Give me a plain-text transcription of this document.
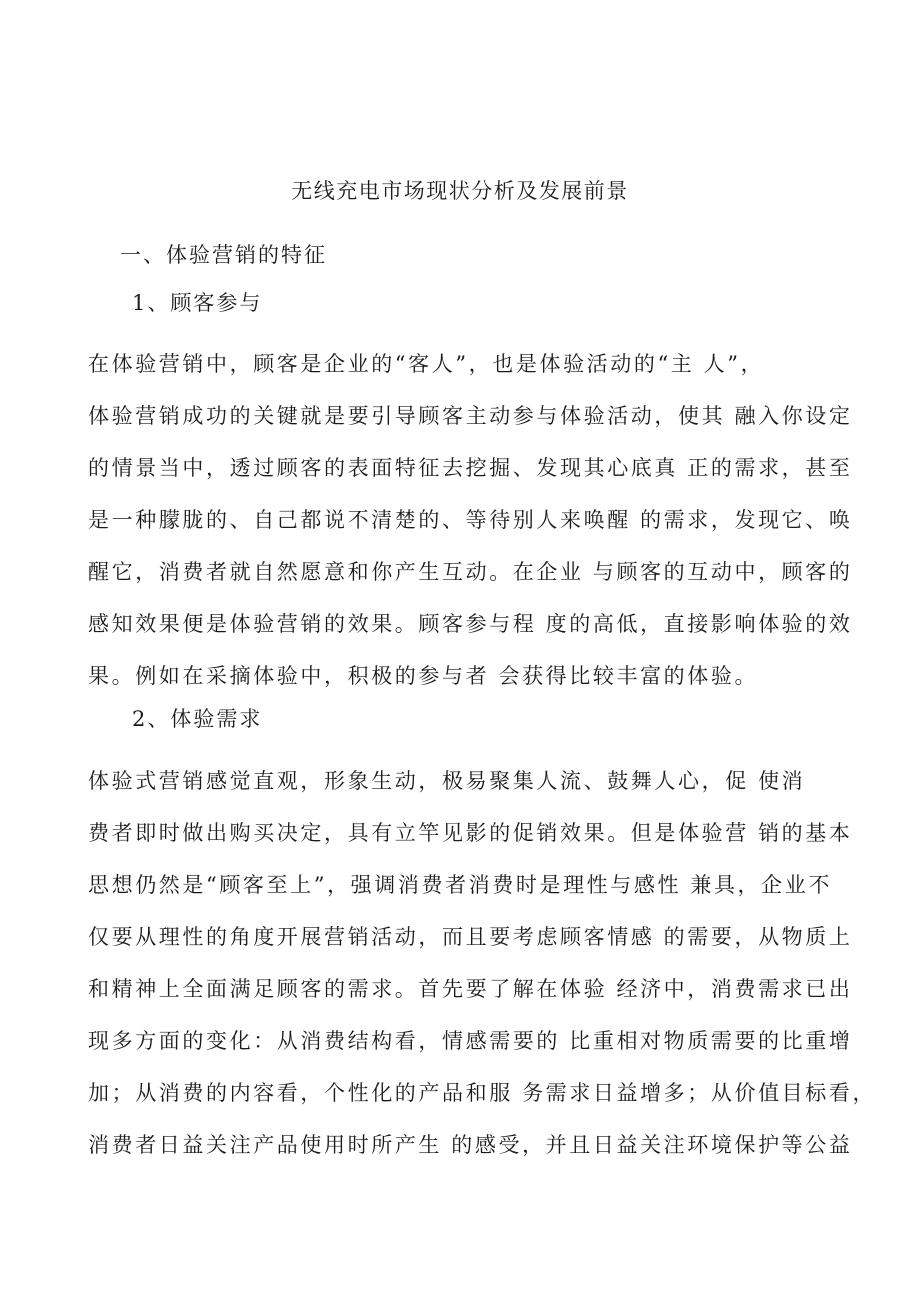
无线充电市场现状分析及发展前景
一、体验营销的特征
1、顾客参与
在体验营销中，顾客是企业的“客人”，也是体验活动的“主 人”，
体验营销成功的关键就是要引导顾客主动参与体验活动，使其 融入你设定
的情景当中，透过顾客的表面特征去挖掘、发现其心底真 正的需求，甚至
是一种朦胧的、自己都说不清楚的、等待别人来唤醒 的需求，发现它、唤
醒它，消费者就自然愿意和你产生互动。在企业 与顾客的互动中，顾客的
感知效果便是体验营销的效果。顾客参与程 度的高低，直接影响体验的效
果。例如在采摘体验中，积极的参与者 会获得比较丰富的体验。
2、体验需求
体验式营销感觉直观，形象生动，极易聚集人流、鼓舞人心，促 使消
费者即时做出购买决定，具有立竿见影的促销效果。但是体验营 销的基本
思想仍然是“顾客至上”，强调消费者消费时是理性与感性 兼具，企业不
仅要从理性的角度开展营销活动，而且要考虑顾客情感 的需要，从物质上
和精神上全面满足顾客的需求。首先要了解在体验 经济中，消费需求已出
现多方面的变化：从消费结构看，情感需要的 比重相对物质需要的比重增
加；从消费的内容看，个性化的产品和服 务需求日益增多；从价值目标看，
消费者日益关注产品使用时所产生 的感受，并且日益关注环境保护等公益
